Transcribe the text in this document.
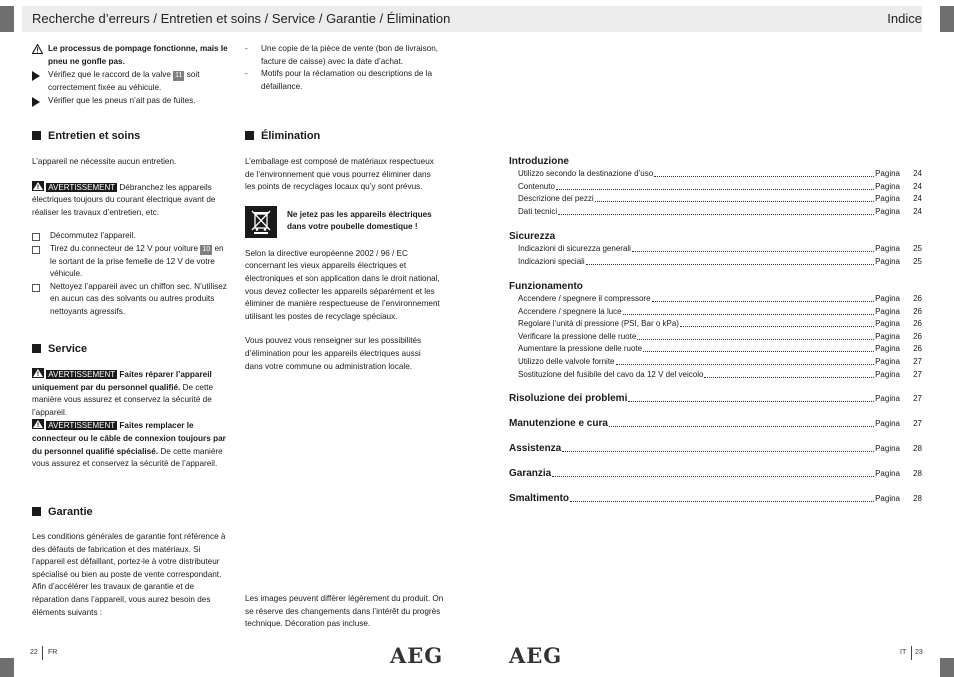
Recherche d’erreurs / Entretien et soins / Service / Garantie / Élimination	Indice
Le processus de pompage fonctionne, mais le pneu ne gonfle pas.
Vérifiez que le raccord de la valve 11 soit correctement fixée au véhicule.
Vérifier que les pneus n’ait pas de fuites.
Entretien et soins
L’appareil ne nécessite aucun entretien.
AVERTISSEMENT Débranchez les appareils électriques toujours du courant électrique avant de réaliser les travaux d’entretien, etc.
Décommutez l’appareil.
Tirez du connecteur de 12 V pour voiture 10 en le sortant de la prise femelle de 12 V de votre véhicule.
Nettoyez l’appareil avec un chiffon sec. N’utilisez en aucun cas des solvants ou autres produits nettoyants agressifs.
Service
AVERTISSEMENT Faites réparer l’appareil uniquement par du personnel qualifié. De cette manière vous assurez et conservez la sécurité de l’appareil.
AVERTISSEMENT Faites remplacer le connecteur ou le câble de connexion toujours par du personnel qualifié spécialisé. De cette manière vous assurez et conservez la sécurité de l’appareil.
Garantie
Les conditions générales de garantie font référence à des défauts de fabrication et des matériaux. Si l’appareil est défaillant, portez-le à votre distributeur spécialisé ou bien au poste de vente correspondant. Afin d’accélérer les travaux de garantie et de réparation dans l’appareil, vous aurez besoin des éléments suivants :
-	Une copie de la pièce de vente (bon de livraison, facture de caisse) avec la date d’achat.
-	Motifs pour la réclamation ou descriptions de la défaillance.
Élimination
L’emballage est composé de matériaux respectueux de l’environnement que vous pourrez éliminer dans les points de recyclages locaux qu’y sont prévus.
Ne jetez pas les appareils électriques dans votre poubelle domestique !
Selon la directive européenne 2002 / 96 / EC concernant les vieux appareils électriques et électroniques et son application dans le droit national, vous devez collecter les appareils séparément et les éliminer de manière respectueuse de l’environnement utilisant les postes de recyclage spéciaux.
Vous pouvez vous renseigner sur les possibilités d’élimination pour les appareils électriques aussi dans votre commune ou administration locale.
Les images peuvent différer légèrement du produit. On se réserve des changements dans l’intérêt du progrès technique. Décoration pas incluse.
Introduzione
Utilizzo secondo la destinazione d’uso	Pagina	24
Contenuto	Pagina	24
Descrizione dei pezzi	Pagina	24
Dati tecnici	Pagina	24
Sicurezza
Indicazioni di sicurezza generali	Pagina	25
Indicazioni speciali	Pagina	25
Funzionamento
Accendere / spegnere il compressore	Pagina	26
Accendere / spegnere la luce	Pagina	26
Regolare l’unità di pressione (PSI, Bar o kPa)	Pagina	26
Verificare la pressione delle ruote	Pagina	26
Aumentare la pressione delle ruote	Pagina	26
Utilizzo delle valvole fornite	Pagina	27
Sostituzione del fusibile del cavo da 12 V del veicolo	Pagina	27
Risoluzione dei problemi	Pagina	27
Manutenzione e cura	Pagina	27
Assistenza	Pagina	28
Garanzia	Pagina	28
Smaltimento	Pagina	28
22 FR	AEG	AEG	IT 23
